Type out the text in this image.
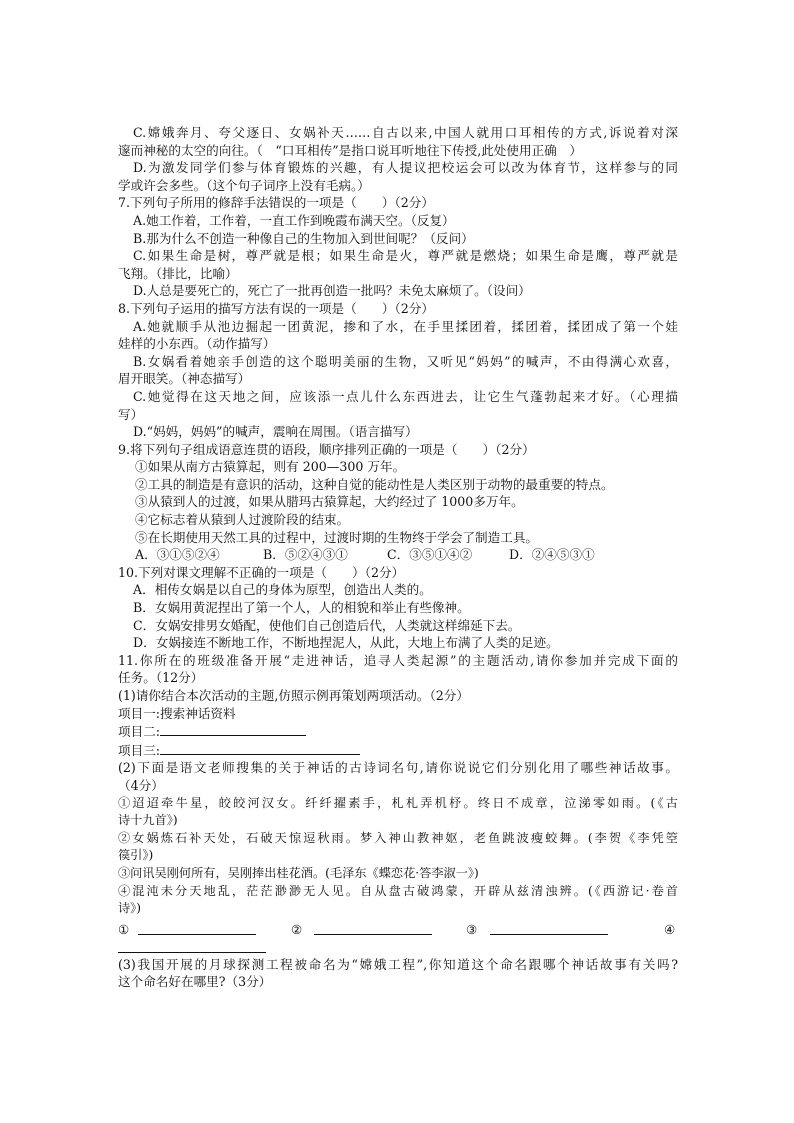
C.嫦娥奔月、夸父逐日、女娲补天……自古以来,中国人就用口耳相传的方式,诉说着对深
邃而神秘的太空的向往。（　“口耳相传”是指口说耳听地往下传授,此处使用正确　）
D.为激发同学们参与体育锻炼的兴趣，有人提议把校运会可以改为体育节，这样参与的同
学或许会多些。（这个句子词序上没有毛病。）
7.下列句子所用的修辞手法错误的一项是（　　）（2分）
A.她工作着，工作着，一直工作到晚霞布满天空。（反复）
B.那为什么不创造一种像自己的生物加入到世间呢？（反问）
C.如果生命是树，尊严就是根；如果生命是火，尊严就是燃烧；如果生命是鹰，尊严就是
飞翔。（排比，比喻）
D.人总是要死亡的，死亡了一批再创造一批吗？未免太麻烦了。（设问）
8.下列句子运用的描写方法有误的一项是（　　）（2分）
A.她就顺手从池边掘起一团黄泥，掺和了水，在手里揉团着，揉团着，揉团成了第一个娃
娃样的小东西。（动作描写）
B.女娲看着她亲手创造的这个聪明美丽的生物，又听见“妈妈”的喊声，不由得满心欢喜，
眉开眼笑。（神态描写）
C.她觉得在这天地之间，应该添一点儿什么东西进去，让它生气蓬勃起来才好。（心理描
写）
D.“妈妈，妈妈”的喊声，震响在周围。（语言描写）
9.将下列句子组成语意连贯的语段，顺序排列正确的一项是（　　）（2分）
①如果从南方古猿算起，则有 200—300 万年。
②工具的制造是有意识的活动，这种自觉的能动性是人类区别于动物的最重要的特点。
③从猿到人的过渡，如果从腊玛古猿算起，大约经过了 1000多万年。
④它标志着从猿到人过渡阶段的结束。
⑤在长期使用天然工具的过程中，过渡时期的生物终于学会了制造工具。
A．③①⑤②④	B．⑤②④③①	C．③⑤①④②	D．②④⑤③①
10.下列对课文理解不正确的一项是（　　）（2分）
A．相传女娲是以自己的身体为原型，创造出人类的。
B．女娲用黄泥捏出了第一个人，人的相貌和举止有些像神。
C．女娲安排男女婚配，使他们自己创造后代，人类就这样绵延下去。
D．女娲接连不断地工作，不断地捏泥人，从此，大地上布满了人类的足迹。
11.你所在的班级准备开展“走进神话，追寻人类起源”的主题活动,请你参加并完成下面的
任务。（12分）
(1)请你结合本次活动的主题,仿照示例再策划两项活动。（2分）
项目一:搜索神话资料
项目二:
项目三:
(2)下面是语文老师搜集的关于神话的古诗词名句,请你说说它们分别化用了哪些神话故事。
（4分）
①迢迢牵牛星，皎皎河汉女。纤纤擢素手，札札弄机杼。终日不成章，泣涕零如雨。(《古
诗十九首》)
②女娲炼石补天处，石破天惊逗秋雨。梦入神山教神妪，老鱼跳波瘦蛟舞。(李贺《李凭箜
篌引》)
③问讯吴刚何所有，吴刚捧出桂花酒。(毛泽东《蝶恋花·答李淑一》)
④混沌未分天地乱，茫茫渺渺无人见。自从盘古破鸿蒙，开辟从兹清浊辨。(《西游记·卷首
诗》)
①	②	③	④
(3)我国开展的月球探测工程被命名为“嫦娥工程”,你知道这个命名跟哪个神话故事有关吗?
这个命名好在哪里?（3分）
